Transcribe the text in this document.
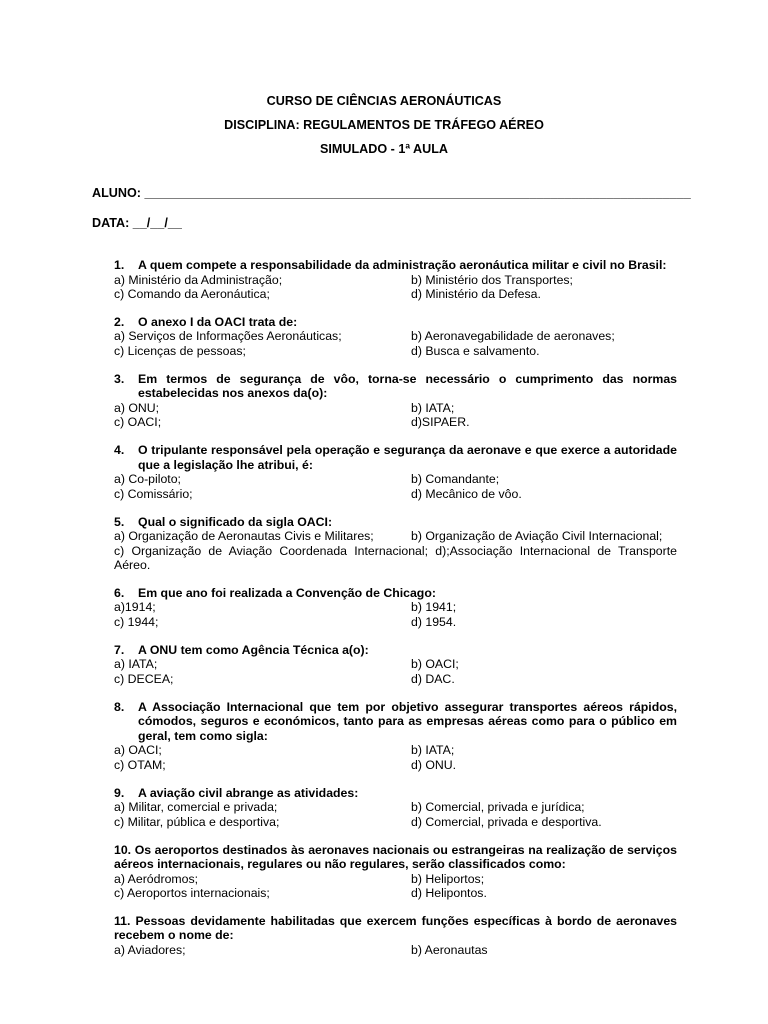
CURSO DE CIÊNCIAS AERONÁUTICAS
DISCIPLINA: REGULAMENTOS DE TRÁFEGO AÉREO
SIMULADO - 1ª AULA
ALUNO: ______________________________________________________________________________
DATA: __/__/__
1. A quem compete a responsabilidade da administração aeronáutica militar e civil no Brasil:
a) Ministério da Administração;	b) Ministério dos Transportes;
c) Comando da Aeronáutica;	d) Ministério da Defesa.
2. O anexo I da OACI trata de:
a) Serviços de Informações Aeronáuticas;	b) Aeronavegabilidade de aeronaves;
c) Licenças de pessoas;	d) Busca e salvamento.
3. Em termos de segurança de vôo, torna-se necessário o cumprimento das normas estabelecidas nos anexos da(o):
a) ONU;	b) IATA;
c) OACI;	d)SIPAER.
4. O tripulante responsável pela operação e segurança da aeronave e que exerce a autoridade que a legislação lhe atribui, é:
a) Co-piloto;	b) Comandante;
c) Comissário;	d) Mecânico de vôo.
5. Qual o significado da sigla OACI:
a) Organização de Aeronautas Civis e Militares;	b) Organização de Aviação Civil Internacional;
c) Organização de Aviação Coordenada Internacional; d);Associação Internacional de Transporte Aéreo.
6. Em que ano foi realizada a Convenção de Chicago:
a)1914;	b) 1941;
c) 1944;	d) 1954.
7. A ONU tem como Agência Técnica a(o):
a) IATA;	b) OACI;
c) DECEA;	d) DAC.
8. A Associação Internacional que tem por objetivo assegurar transportes aéreos rápidos, cómodos, seguros e económicos, tanto para as empresas aéreas como para o público em geral, tem como sigla:
a) OACI;	b) IATA;
c) OTAM;	d) ONU.
9. A aviação civil abrange as atividades:
a) Militar, comercial e privada;	b) Comercial, privada e jurídica;
c) Militar, pública e desportiva;	d) Comercial, privada e desportiva.
10. Os aeroportos destinados às aeronaves nacionais ou estrangeiras na realização de serviços aéreos internacionais, regulares ou não regulares, serão classificados como:
a) Aeródromos;	b) Heliportos;
c) Aeroportos internacionais;	d) Helipontos.
11. Pessoas devidamente habilitadas que exercem funções específicas à bordo de aeronaves recebem o nome de:
a) Aviadores;	b) Aeronautas
